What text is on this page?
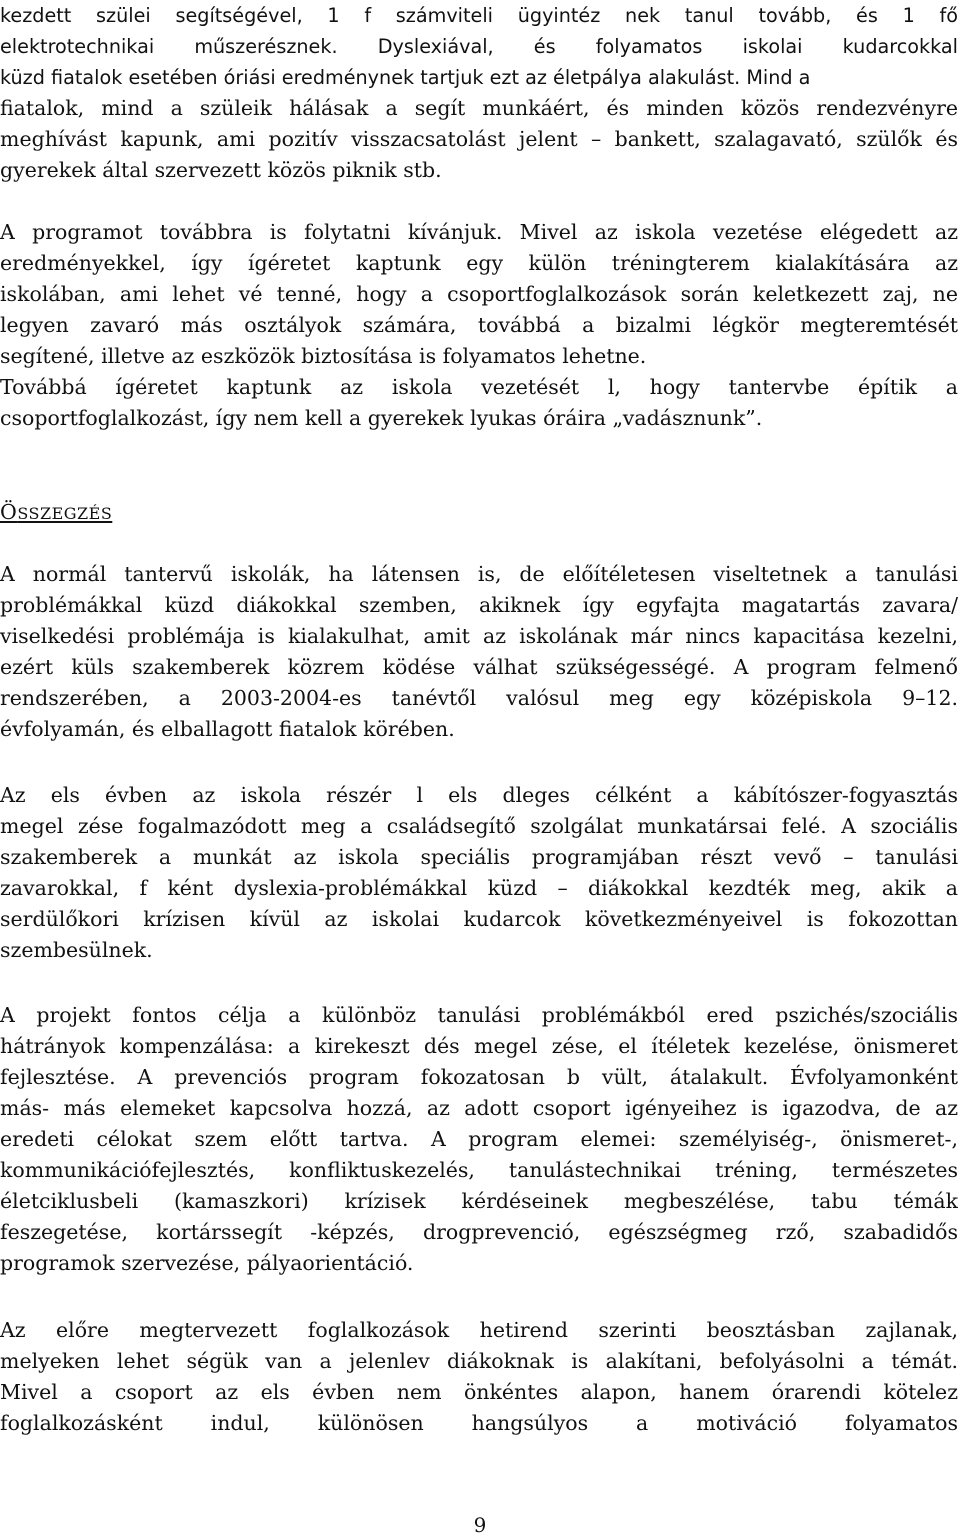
kezdett szülei segítségével, 1 f számviteli ügyintéz nek tanul tovább, és 1 fő
elektrotechnikai műszerésznek. Dyslexiával, és folyamatos iskolai kudarcokkal
küzd fiatalok esetében óriási eredménynek tartjuk ezt az életpálya alakulást. Mind a
fiatalok, mind a szüleik hálásak a segít munkáért, és minden közös rendezvényre
meghívást kapunk, ami pozitív visszacsatolást jelent – bankett, szalagavató, szülők és
gyerekek által szervezett közös piknik stb.
A programot továbbra is folytatni kívánjuk. Mivel az iskola vezetése elégedett az
eredményekkel, így ígéretet kaptunk egy külön tréningterem kialakítására az
iskolában, ami lehet vé tenné, hogy a csoportfoglalkozások során keletkezett zaj, ne
legyen zavaró más osztályok számára, továbbá a bizalmi légkör megteremtését
segítené, illetve az eszközök biztosítása is folyamatos lehetne.
Továbbá ígéretet kaptunk az iskola vezetését l, hogy tantervbe építik a
csoportfoglalkozást, így nem kell a gyerekek lyukas óráira „vadásznunk”.
ÖSSZEGZÉS
A normál tantervű iskolák, ha látensen is, de előítéletesen viseltetnek a tanulási
problémákkal küzd diákokkal szemben, akiknek így egyfajta magatartás zavara/
viselkedési problémája is kialakulhat, amit az iskolának már nincs kapacitása kezelni,
ezért küls szakemberek közrem ködése válhat szükségességé. A program felmenő
rendszerében, a 2003-2004-es tanévtől valósul meg egy középiskola 9–12.
évfolyamán, és elballagott fiatalok körében.
Az els évben az iskola részér l els dleges célként a kábítószer-fogyasztás
megel zése fogalmazódott meg a családsegítő szolgálat munkatársai felé. A szociális
szakemberek a munkát az iskola speciális programjában részt vevő – tanulási
zavarokkal, f ként dyslexia-problémákkal küzd – diákokkal kezdték meg, akik a
serdülőkori krízisen kívül az iskolai kudarcok következményeivel is fokozottan
szembesülnek.
A projekt fontos célja a különböz tanulási problémákból ered pszichés/szociális
hátrányok kompenzálása: a kirekeszt dés megel zése, el ítéletek kezelése, önismeret
fejlesztése. A prevenciós program fokozatosan b vült, átalakult. Évfolyamonként
más- más elemeket kapcsolva hozzá, az adott csoport igényeihez is igazodva, de az
eredeti célokat szem előtt tartva. A program elemei: személyiség-, önismeret-,
kommunikációfejlesztés, konfliktuskezelés, tanulástechnikai tréning, természetes
életciklusbeli (kamaszkori) krízisek kérdéseinek megbeszélése, tabu témák
feszegetése, kortárssegít -képzés, drogprevenció, egészségmeg rző, szabadidős
programok szervezése, pályaorientáció.
Az előre megtervezett foglalkozások hetirend szerinti beosztásban zajlanak,
melyeken lehet ségük van a jelenlev diákoknak is alakítani, befolyásolni a témát.
Mivel a csoport az els évben nem önkéntes alapon, hanem órarendi kötelez
foglalkozásként indul, különösen hangsúlyos a motiváció folyamatos
9
